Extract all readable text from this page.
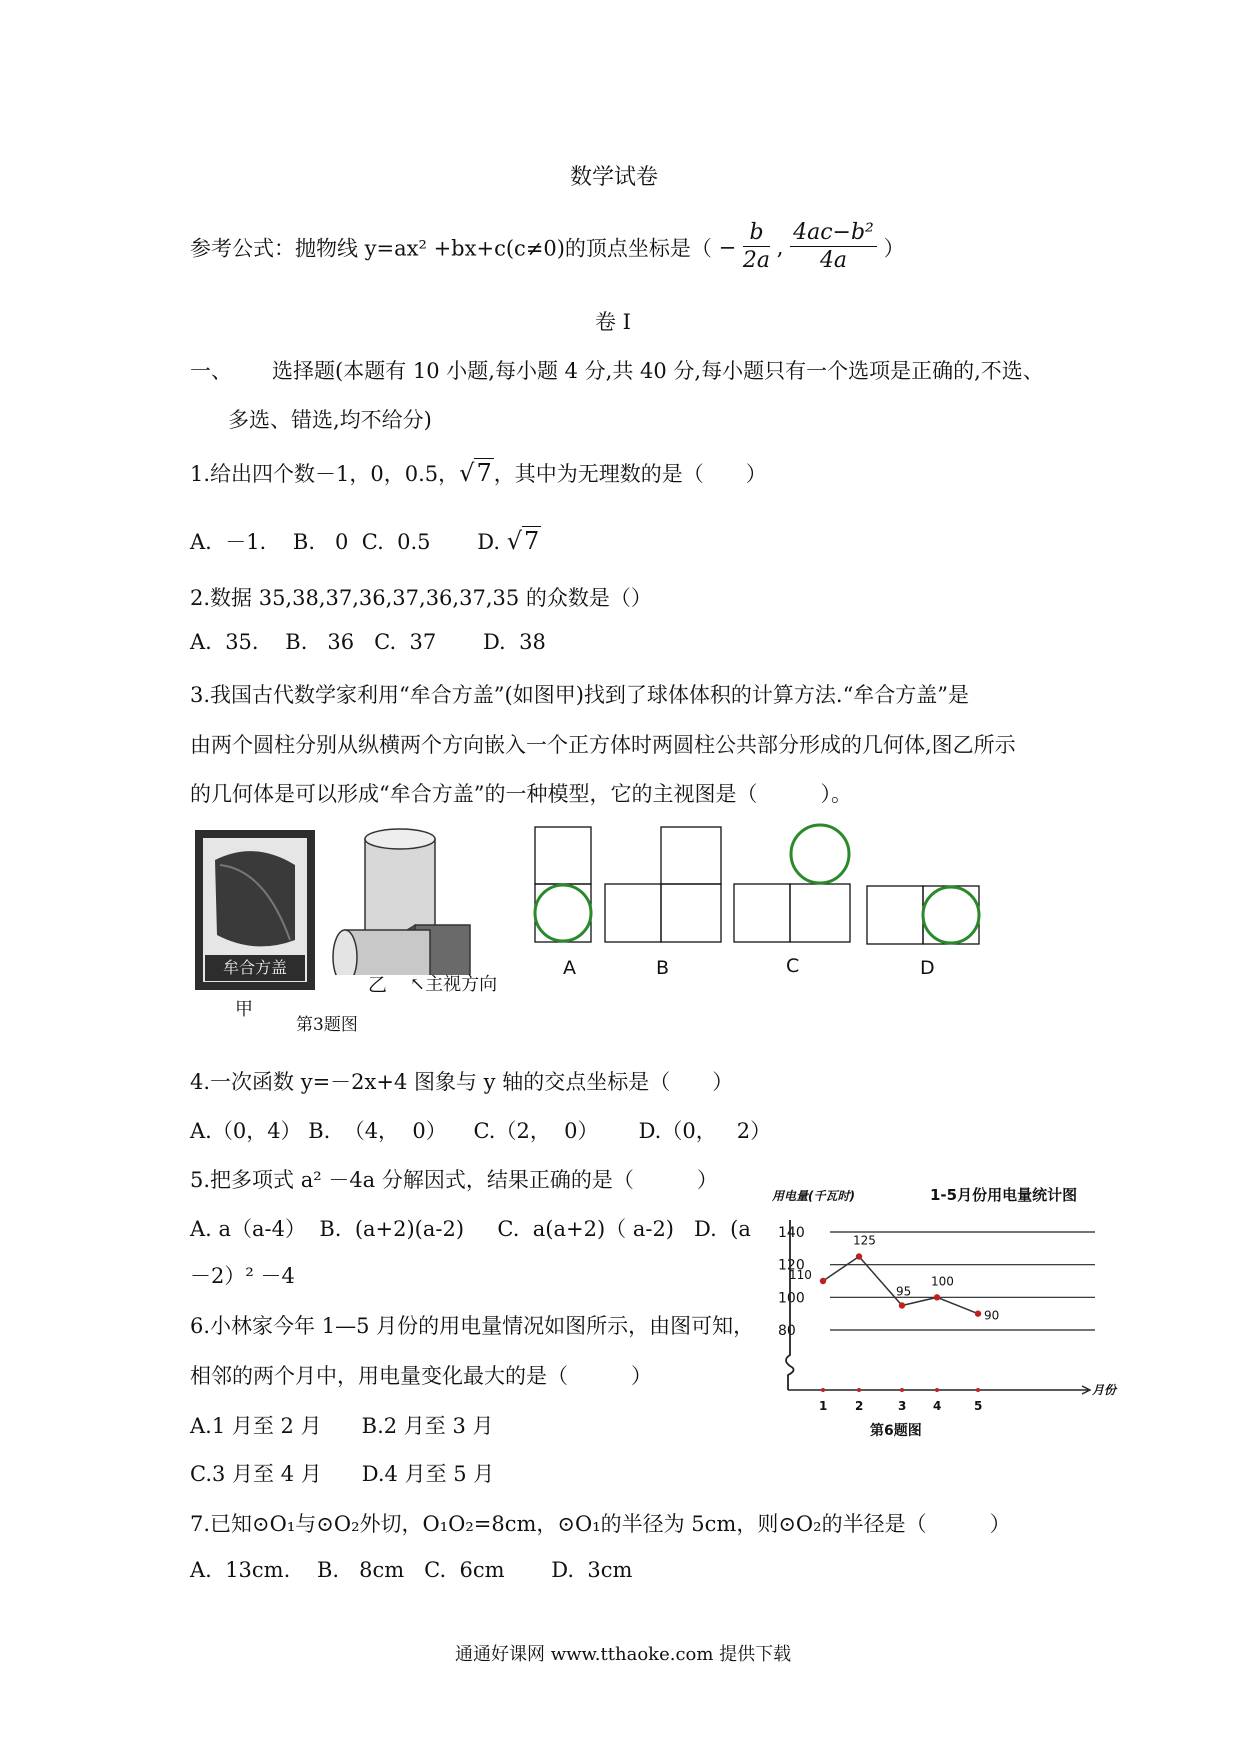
数学试卷
参考公式：抛物线 y=ax² +bx+c(c≠0)的顶点坐标是（ − $\frac{b}{2a}$ , $\frac{\text{4ac−b²}}{4a}$ ）
卷 I
一、 选择题(本题有 10 小题,每小题 4 分,共 40 分,每小题只有一个选项是正确的,不选、
多选、错选,均不给分)
1.给出四个数－1，0，0.5，√7，其中为无理数的是（　　）
A.  －1.    B.   0  C.  0.5       D. √7
2.数据 35,38,37,36,37,36,37,35 的众数是（）
A.  35.    B.   36   C.  37       D.  38
3.我国古代数学家利用“牟合方盖”(如图甲)找到了球体体积的计算方法.“牟合方盖”是
由两个圆柱分别从纵横两个方向嵌入一个正方体时两圆柱公共部分形成的几何体,图乙所示
的几何体是可以形成“牟合方盖”的一种模型，它的主视图是（　　　）。
牟合方盖
甲
乙 ↖主视方向
第3题图
A	B	C	D
4.一次函数 y=－2x+4 图象与 y 轴的交点坐标是（　　）
A.（0，4） B.  （4，  0）    C.（2，  0）      D.（0，   2）
5.把多项式 a² －4a 分解因式，结果正确的是（　　　）
A. a（a-4）  B.  (a+2)(a-2)     C.  a(a+2)（ a-2)   D.  (a
－2）² －4
6.小林家今年 1—5 月份的用电量情况如图所示，由图可知，
相邻的两个月中，用电量变化最大的是（　　　）
A.1 月至 2 月      B.2 月至 3 月
C.3 月至 4 月      D.4 月至 5 月
1-5月份用电量统计图
用电量(千瓦时)
140
120
100
80
月份
1 2	3 4	5
110
125
95
100
90
第6题图
7.已知⊙O₁与⊙O₂外切，O₁O₂=8cm，⊙O₁的半径为 5cm，则⊙O₂的半径是（　　　）
A.  13cm.    B.   8cm   C.  6cm       D.  3cm
通通好课网 www.tthaoke.com 提供下载
